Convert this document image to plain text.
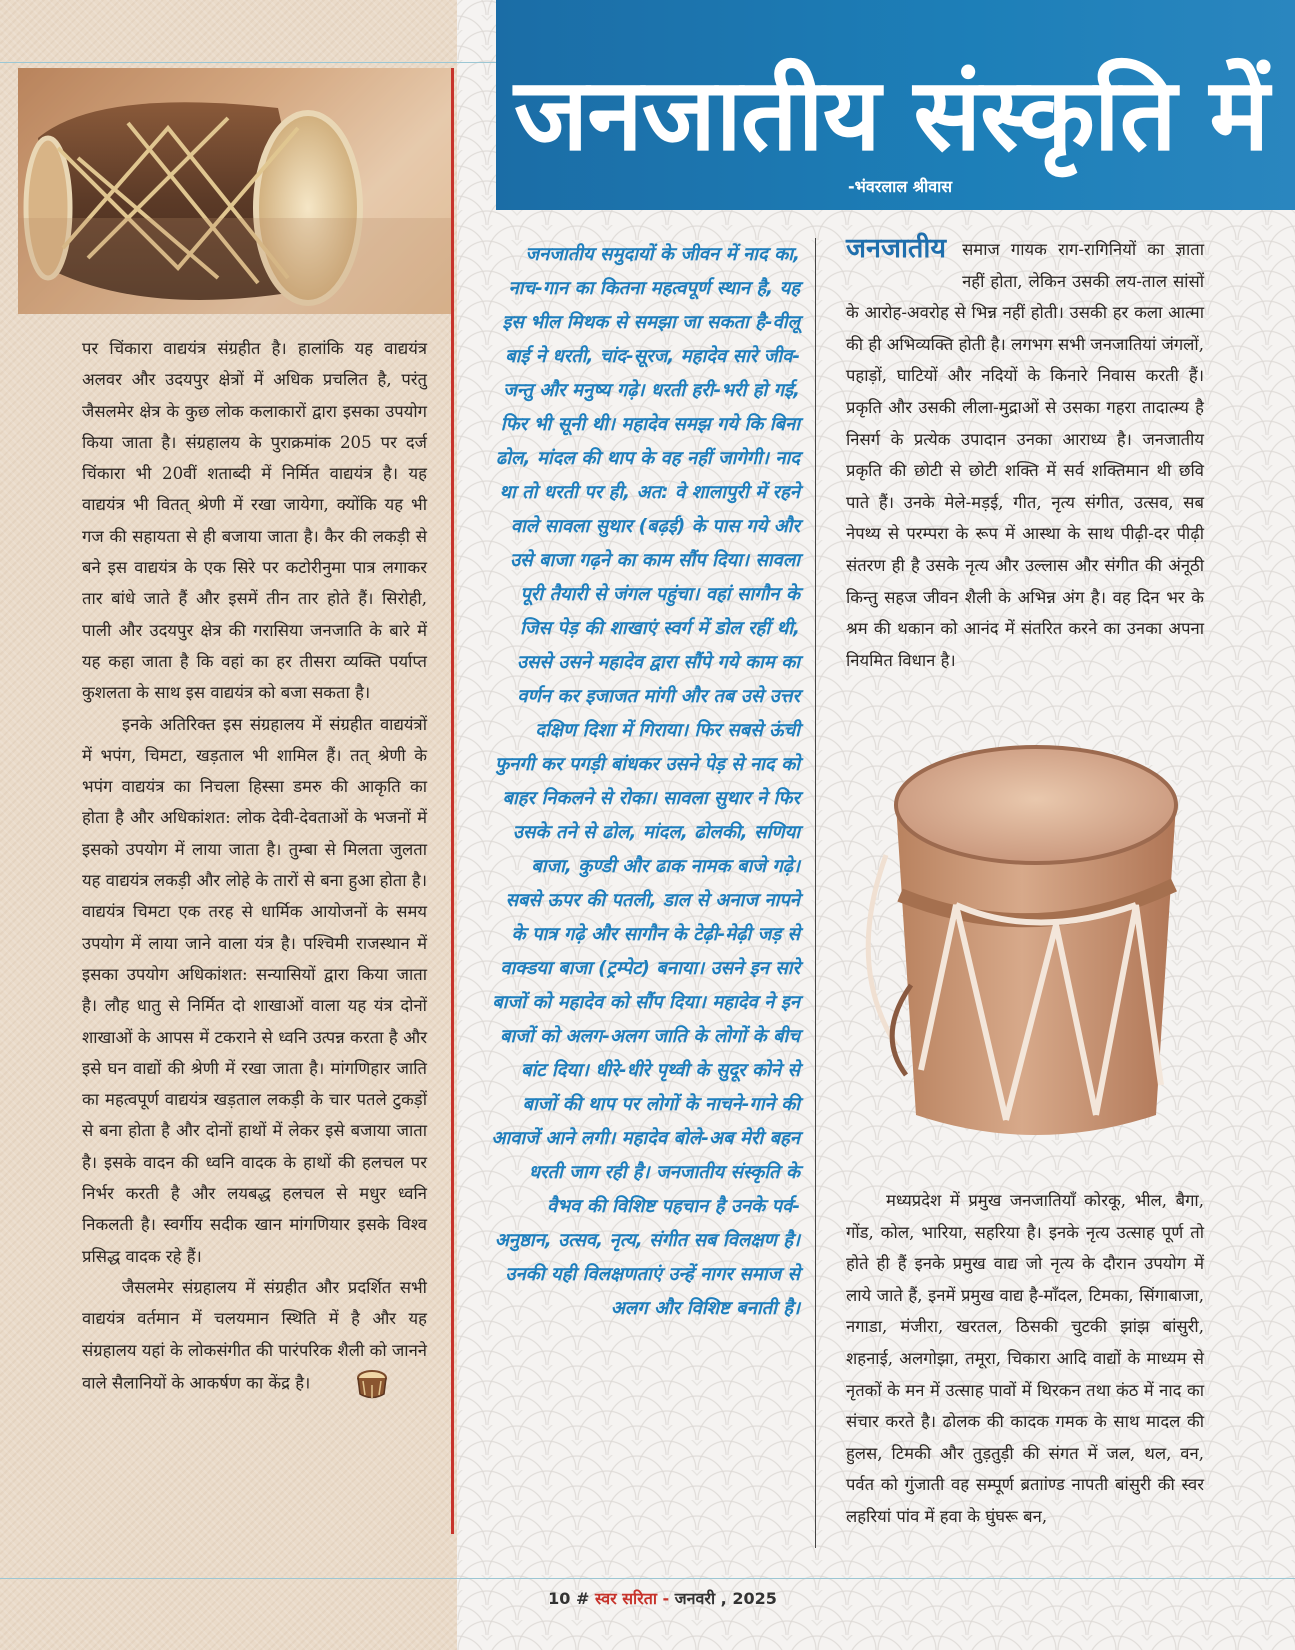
पर चिंकारा वाद्ययंत्र संग्रहीत है। हालांकि यह वाद्ययंत्र अलवर और उदयपुर क्षेत्रों में अधिक प्रचलित है, परंतु जैसलमेर क्षेत्र के कुछ लोक कलाकारों द्वारा इसका उपयोग किया जाता है। संग्रहालय के पुराक्रमांक 205 पर दर्ज चिंकारा भी 20वीं शताब्दी में निर्मित वाद्ययंत्र है। यह वाद्ययंत्र भी वितत् श्रेणी में रखा जायेगा, क्योंकि यह भी गज की सहायता से ही बजाया जाता है। कैर की लकड़ी से बने इस वाद्ययंत्र के एक सिरे पर कटोरीनुमा पात्र लगाकर तार बांधे जाते हैं और इसमें तीन तार होते हैं। सिरोही, पाली और उदयपुर क्षेत्र की गरासिया जनजाति के बारे में यह कहा जाता है कि वहां का हर तीसरा व्यक्ति पर्याप्त कुशलता के साथ इस वाद्ययंत्र को बजा सकता है।

इनके अतिरिक्त इस संग्रहालय में संग्रहीत वाद्ययंत्रों में भपंग, चिमटा, खड़ताल भी शामिल हैं। तत् श्रेणी के भपंग वाद्ययंत्र का निचला हिस्सा डमरु की आकृति का होता है और अधिकांशत: लोक देवी-देवताओं के भजनों में इसको उपयोग में लाया जाता है। तुम्बा से मिलता जुलता यह वाद्ययंत्र लकड़ी और लोहे के तारों से बना हुआ होता है। वाद्ययंत्र चिमटा एक तरह से धार्मिक आयोजनों के समय उपयोग में लाया जाने वाला यंत्र है। पश्चिमी राजस्थान में इसका उपयोग अधिकांशत: सन्यासियों द्वारा किया जाता है। लौह धातु से निर्मित दो शाखाओं वाला यह यंत्र दोनों शाखाओं के आपस में टकराने से ध्वनि उत्पन्न करता है और इसे घन वाद्यों की श्रेणी में रखा जाता है। मांगणिहार जाति का महत्वपूर्ण वाद्ययंत्र खड़ताल लकड़ी के चार पतले टुकड़ों से बना होता है और दोनों हाथों में लेकर इसे बजाया जाता है। इसके वादन की ध्वनि वादक के हाथों की हलचल पर निर्भर करती है और लयबद्ध हलचल से मधुर ध्वनि निकलती है। स्वर्गीय सदीक खान मांगणियार इसके विश्व प्रसिद्ध वादक रहे हैं।

जैसलमेर संग्रहालय में संग्रहीत और प्रदर्शित सभी वाद्ययंत्र वर्तमान में चलयमान स्थिति में है और यह संग्रहालय यहां के लोकसंगीत की पारंपरिक शैली को जानने वाले सैलानियों के आकर्षण का केंद्र है।

जनजातीय संस्कृति में
-भंवरलाल श्रीवास
जनजातीय समुदायों के जीवन में नाद का, नाच-गान का कितना महत्वपूर्ण स्थान है, यह इस भील मिथक से समझा जा सकता है-वीलू बाई ने धरती, चांद-सूरज, महादेव सारे जीव-जन्तु और मनुष्य गढ़े। धरती हरी-भरी हो गई, फिर भी सूनी थी। महादेव समझ गये कि बिना ढोल, मांदल की थाप के वह नहीं जागेगी। नाद था तो धरती पर ही, अत: वे शालापुरी में रहने वाले सावला सुथार (बढ़ई) के पास गये और उसे बाजा गढ़ने का काम सौंप दिया। सावला पूरी तैयारी से जंगल पहुंचा। वहां सागौन के जिस पेड़ की शाखाएं स्वर्ग में डोल रहीं थी, उससे उसने महादेव द्वारा सौंपे गये काम का वर्णन कर इजाजत मांगी और तब उसे उत्तर दक्षिण दिशा में गिराया। फिर सबसे ऊंची फुनगी कर पगड़ी बांधकर उसने पेड़ से नाद को बाहर निकलने से रोका। सावला सुथार ने फिर उसके तने से ढोल, मांदल, ढोलकी, सणिया बाजा, कुण्डी और ढाक नामक बाजे गढ़े। सबसे ऊपर की पतली, डाल से अनाज नापने के पात्र गढ़े और सागौन के टेढ़ी-मेढ़ी जड़ से वाक्डया बाजा (ट्रम्पेट) बनाया। उसने इन सारे बाजों को महादेव को सौंप दिया। महादेव ने इन बाजों को अलग-अलग जाति के लोगों के बीच बांट दिया। धीरे-धीरे पृथ्वी के सुदूर कोने से बाजों की थाप पर लोगों के नाचने-गाने की आवाजें आने लगी। महादेव बोले-अब मेरी बहन धरती जाग रही है। जनजातीय संस्कृति के वैभव की विशिष्ट पहचान है उनके पर्व-अनुष्ठान, उत्सव, नृत्य, संगीत सब विलक्षण है। उनकी यही विलक्षणताएं उन्हें नागर समाज से अलग और विशिष्ट बनाती है।
जनजातीय समाज गायक राग-रागिनियों का ज्ञाता नहीं होता, लेकिन उसकी लय-ताल सांसों के आरोह-अवरोह से भिन्न नहीं होती। उसकी हर कला आत्मा की ही अभिव्यक्ति होती है। लगभग सभी जनजातियां जंगलों, पहाड़ों, घाटियों और नदियों के किनारे निवास करती हैं। प्रकृति और उसकी लीला-मुद्राओं से उसका गहरा तादात्म्य है निसर्ग के प्रत्येक उपादान उनका आराध्य है। जनजातीय प्रकृति की छोटी से छोटी शक्ति में सर्व शक्तिमान थी छवि पाते हैं। उनके मेले-मड़ई, गीत, नृत्य संगीत, उत्सव, सब नेपथ्य से परम्परा के रूप में आस्था के साथ पीढ़ी-दर पीढ़ी संतरण ही है उसके नृत्य और उल्लास और संगीत की अंनूठी किन्तु सहज जीवन शैली के अभिन्न अंग है। वह दिन भर के श्रम की थकान को आनंद में संतरित करने का उनका अपना नियमित विधान है।

मध्यप्रदेश में प्रमुख जनजातियाँ कोरकू, भील, बैगा, गोंड, कोल, भारिया, सहरिया है। इनके नृत्य उत्साह पूर्ण तो होते ही हैं इनके प्रमुख वाद्य जो नृत्य के दौरान उपयोग में लाये जाते हैं, इनमें प्रमुख वाद्य है-माँदल, टिमका, सिंगाबाजा, नगाडा, मंजीरा, खरतल, ठिसकी चुटकी झांझ बांसुरी, शहनाई, अलगोझा, तमूरा, चिकारा आदि वाद्यों के माध्यम से नृतकों के मन में उत्साह पावों में थिरकन तथा कंठ में नाद का संचार करते है। ढोलक की कादक गमक के साथ मादल की हुलस, टिमकी और तुड़तुड़ी की संगत में जल, थल, वन, पर्वत को गुंजाती वह सम्पूर्ण ब्रताांण्ड नापती बांसुरी की स्वर लहरियां पांव में हवा के घुंघरू बन,

10 # स्वर सरिता - जनवरी , 2025
